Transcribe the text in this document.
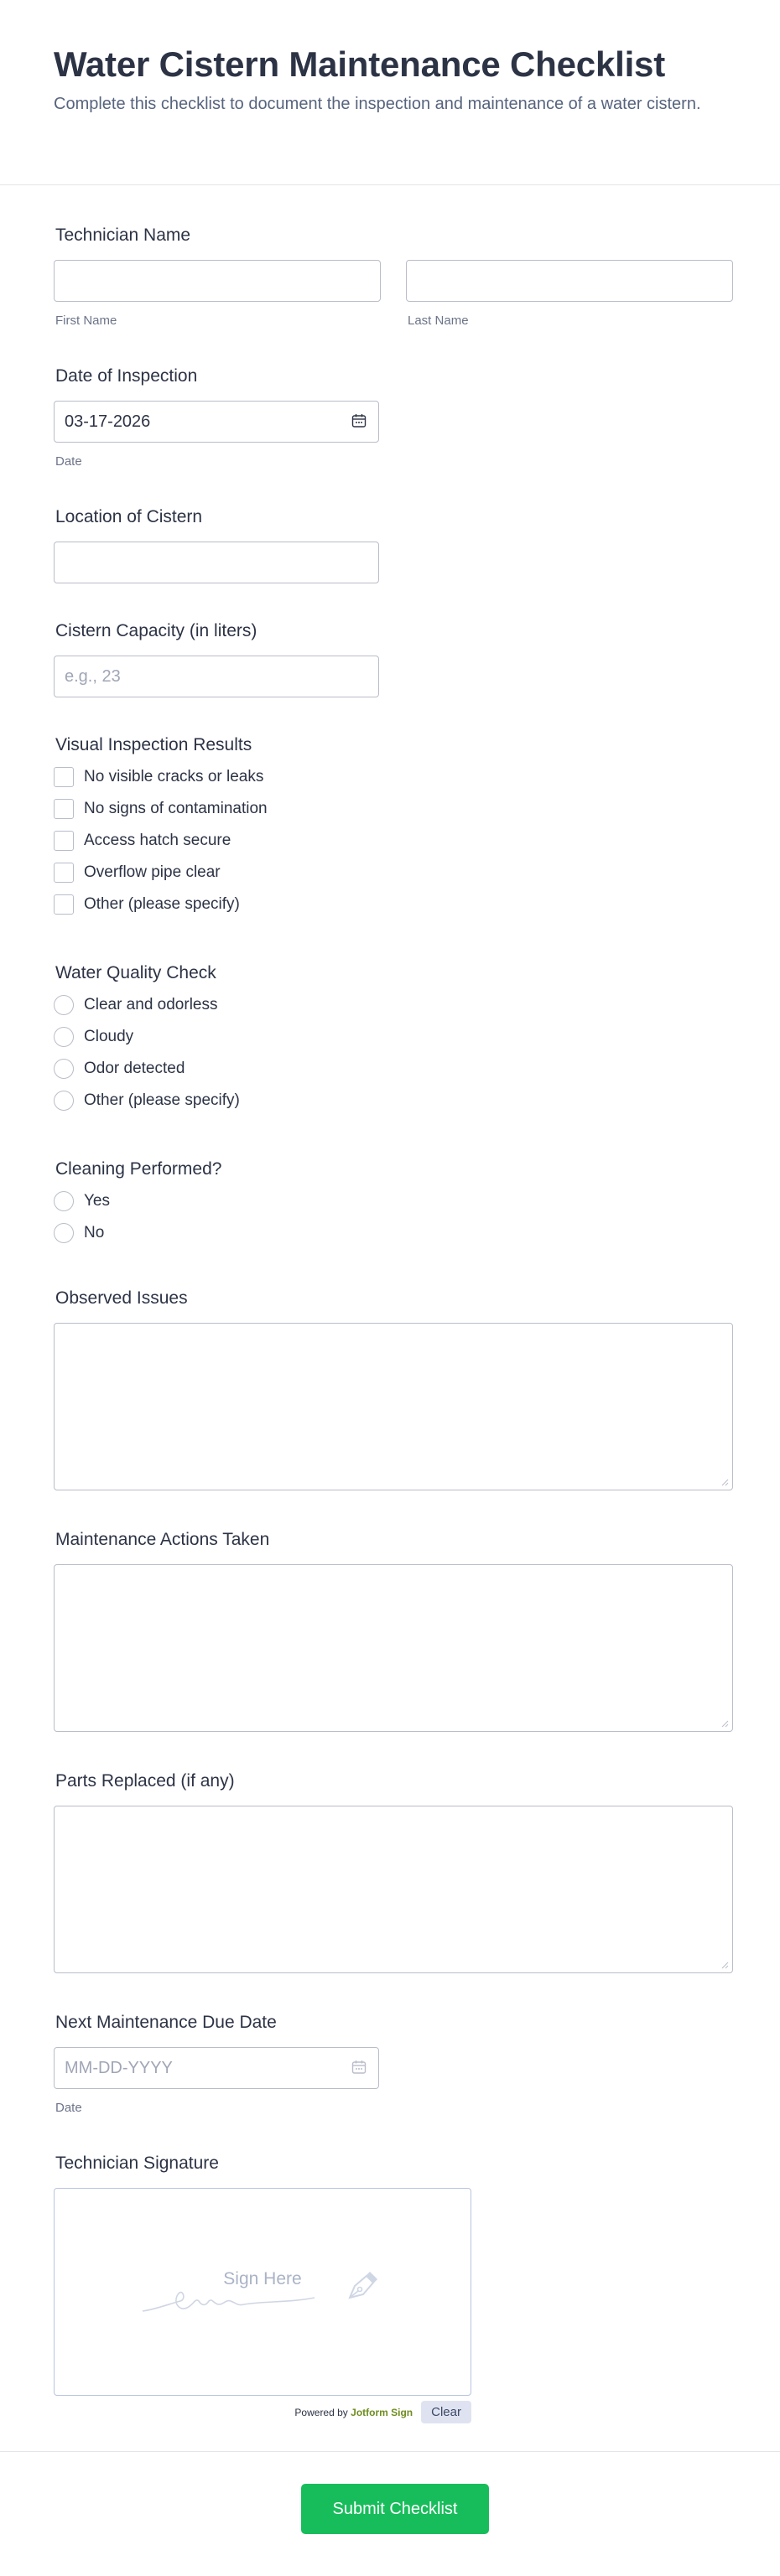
Water Cistern Maintenance Checklist

Complete this checklist to document the inspection and maintenance of a water cistern.

Technician Name
First Name	Last Name
Date of Inspection
03-17-2026
Date
Location of Cistern
Cistern Capacity (in liters)
e.g., 23
Visual Inspection Results
No visible cracks or leaks
No signs of contamination
Access hatch secure
Overflow pipe clear
Other (please specify)
Water Quality Check
Clear and odorless
Cloudy
Odor detected
Other (please specify)
Cleaning Performed?
Yes
No
Observed Issues
Maintenance Actions Taken
Parts Replaced (if any)
Next Maintenance Due Date
MM-DD-YYYY
Date
Technician Signature
Sign Here
Powered by Jotform Sign	Clear
Submit Checklist
